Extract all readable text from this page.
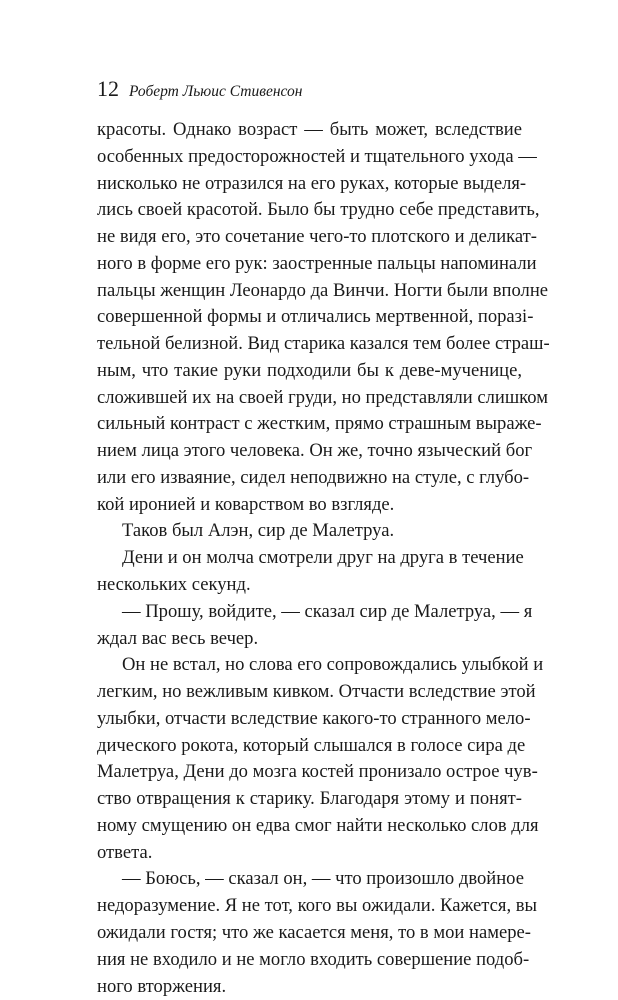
12 Роберт Льюис Стивенсон
красоты. Однако возраст — быть может, вследствие
особенных предосторожностей и тщательного ухода —
нисколько не отразился на его руках, которые выделя-
лись своей красотой. Было бы трудно себе представить,
не видя его, это сочетание чего-то плотского и деликат-
ного в форме его рук: заостренные пальцы напоминали
пальцы женщин Леонардо да Винчи. Ногти были вполне
совершенной формы и отличались мертвенной, поразі-
тельной белизной. Вид старика казался тем более страш-
ным, что такие руки подходили бы к деве-мученице,
сложившей их на своей груди, но представляли слишком
сильный контраст с жестким, прямо страшным выраже-
нием лица этого человека. Он же, точно языческий бог
или его изваяние, сидел неподвижно на стуле, с глубо-
кой иронией и коварством во взгляде.
Таков был Алэн, сир де Малетруа.
Дени и он молча смотрели друг на друга в течение
нескольких секунд.
— Прошу, войдите, — сказал сир де Малетруа, — я
ждал вас весь вечер.
Он не встал, но слова его сопровождались улыбкой и
легким, но вежливым кивком. Отчасти вследствие этой
улыбки, отчасти вследствие какого-то странного мело-
дического рокота, который слышался в голосе сира де
Малетруа, Дени до мозга костей пронизало острое чув-
ство отвращения к старику. Благодаря этому и понят-
ному смущению он едва смог найти несколько слов для
ответа.
— Боюсь, — сказал он, — что произошло двойное
недоразумение. Я не тот, кого вы ожидали. Кажется, вы
ожидали гостя; что же касается меня, то в мои намере-
ния не входило и не могло входить совершение подоб-
ного вторжения.
